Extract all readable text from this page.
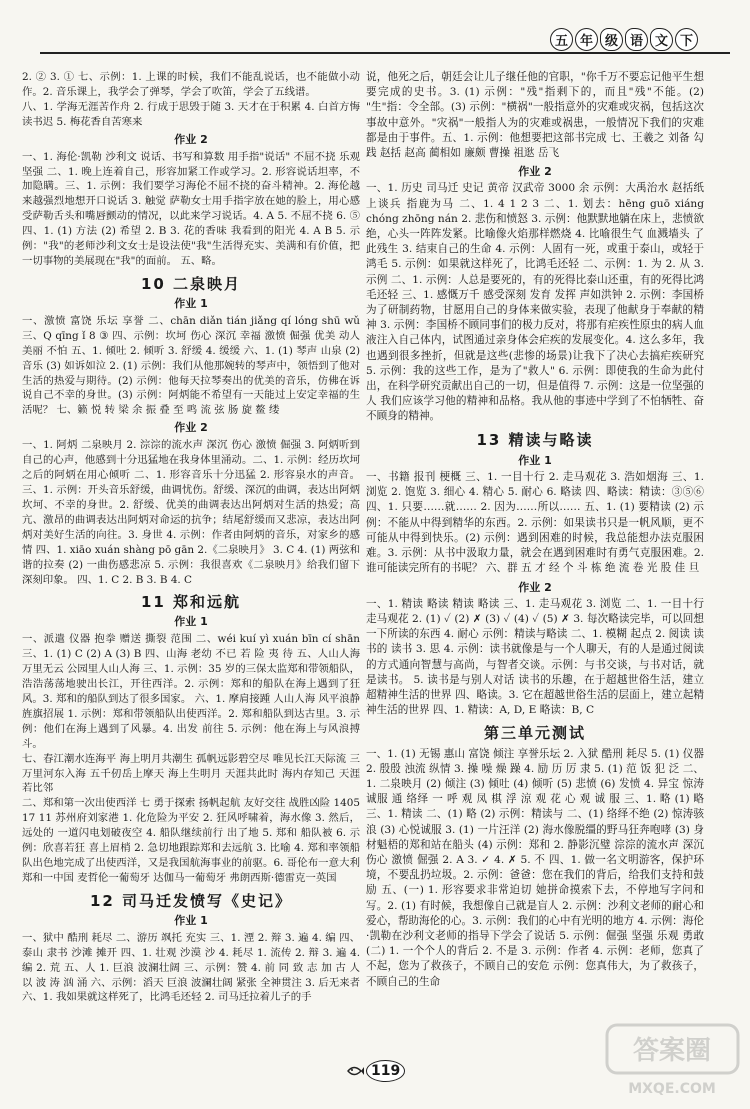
五 年 级 语 文 下

2. ② 3. ① 七、示例：1. 上课的时候，我们不能乱说话，也不能做小动作。2. 音乐课上，我学会了弹琴，学会了吹笛，学会了五线谱。

八、1. 学海无涯苦作舟 2. 行成于思毁于随 3. 天才在于积累 4. 白首方悔读书迟 5. 梅花香自苦寒来

作业 2

一、1. 海伦·凯勒 沙利文 说话、书写和算数 用手指"说话" 不屈不挠 乐观 坚强 二、1. 晚上连着自己，形容加紧工作或学习。2. 形容说话坦率，不加隐瞒。三、1. 示例：我们要学习海伦不屈不挠的奋斗精神。2. 海伦越来越强烈地想开口说话 3. 触觉 萨勒女士用手指字放在她的脸上，用心感受萨勒舌头和嘴唇颤动的情况，以此来学习说话。4. A 5. 不屈不挠 6. ⑤ 四、1. (1) 方法 (2) 希望 2. B 3. 花的香味 我看到的阳光 4. A B 5. 示例："我"的老师沙利文女士是设法使"我"生活得充实、美满和有价值，把一切事物的美展现在"我"的面前。 五、略。

10 二泉映月
作业 1

一、激愤 富饶 乐坛 享誉 二、chān diǎn tián jiǎng qí lóng shū wǔ 三、Q qīng ǐ 8 ③ 四、示例：坎坷 伤心 深沉 幸福 激愤 倔强 优美 动人 美丽 不怕 五、1. 倾吐 2. 倾听 3. 舒缓 4. 缓缓 六、1. (1) 琴声 山泉 (2) 音乐 (3) 如诉如泣 2. (1) 示例：我们从他那婉转的琴声中，领悟到了他对生活的热爱与期待。(2) 示例：他每天拉琴奏出的优美的音乐，仿佛在诉说自己不幸的身世。(3) 示例：阿炳能不希望有一天能过上安定幸福的生活呢？ 七、籁 悦 转 梁 余 振 叠 至 鸣 流 弦 肠 旋 鳌 缕

作业 2

一、1. 阿炳 二泉映月 2. 淙淙的流水声 深沉 伤心 激愤 倔强 3. 阿炳听到自己的心声，他感到十分迅猛地在我身体里涌动。二、1. 示例：经历坎坷之后的阿炳在用心倾听 二、1. 形容音乐十分迅猛 2. 形容泉水的声音。三、1. 示例：开头音乐舒缓，曲调忧伤。舒缓、深沉的曲调，表达出阿炳坎坷、不幸的身世。2. 舒缓、优美的曲调表达出阿炳对生活的热爱；高亢、激昂的曲调表达出阿炳对命运的抗争；结尾舒缓而又悲凉，表达出阿炳对美好生活的向往。3. 身世 4. 示例：作者由阿炳的音乐，对家乡的感情 四、1. xiāo xuán shàng pō gān 2.《二泉映月》 3. C 4. (1) 两弦和谐的拉奏 (2) 一曲伤感悲凉 5. 示例：我很喜欢《二泉映月》给我们留下深刻印象。 四、1. C 2. B 3. B 4. C

11 郑和远航
作业 1

一、派遣 仪器 抱拳 赠送 撕裂 范围 二、wéi kuí yì xuán bīn cí shān 三、1. (1) C (2) A (3) B 四、山海 老幼 不已 若 险 夷 待 五、人山人海 万里无云 公园里人山人海 三、1. 示例：35 岁的三保太监郑和带领船队，浩浩荡荡地驶出长江，开往西洋。2. 示例：郑和的船队在海上遇到了狂风。3. 郑和的船队到达了很多国家。 六、1. 摩肩接踵 人山人海 风平浪静 旌旗招展 1. 示例：郑和带领船队出使西洋。2. 郑和船队到达古里。3. 示例：他们在海上遇到了风暴。4. 出发 前往 5. 示例：他在海上与风浪搏斗。

七、春江潮水连海平 海上明月共潮生 孤帆远影碧空尽 唯见长江天际流 三万里河东入海 五千仞岳上摩天 海上生明月 天涯共此时 海内存知己 天涯若比邻

二、郑和第一次出使西洋 七 勇于探索 扬帆起航 友好交往 战胜凶险 1405 17 11 苏州府刘家港 1. 化危险为平安 2. 狂风呼啸着，海水像 3. 然后，远处的 一道闪电划破夜空 4. 船队继续前行 出了地 5. 郑和 船队被 6. 示例：欣喜若狂 喜上眉梢 2. 急切地跟踪郑和去远航 3. 比喻 4. 郑和率领船队出色地完成了出使西洋，又是我国航海事业的前驱。6. 哥伦布一意大利 郑和一中国 麦哲伦一葡萄牙 达伽马一葡萄牙 弗朗西斯·德雷克一英国

12 司马迁发愤写《史记》
作业 1

一、狱中 酷刑 耗尽 二、游历 飒托 充实 三、1. 湮 2. 辩 3. 遍 4. 编 四、泰山 隶书 沙滩 摊开 四、1. 壮观 沙漠 沙 4. 耗尽 1. 流传 2. 辩 3. 遍 4. 编 2. 荒 五、人 1. 巨浪 波澜壮阔 三、示例：赞 4. 前 同 致 志 加 古 人 以 波 涛 汹 涌 六、示例：滔天 巨浪 波澜壮阔 紧张 全神贯注 3. 后无来者 六、1. 我如果就这样死了，比鸿毛还轻 2. 司马迁拉着儿子的手

说，他死之后，朝廷会让儿子继任他的官职，"你千万不要忘记他平生想要完成的史书。3. (1) 示例："残"指剩下的，而且"残"不能。(2) "生"指：令全部。(3) 示例："横祸"一般指意外的灾难或灾祸，包括这次事故中意外。"灾祸"一般指人为的灾难或祸患，一般情况下我们的灾难都是由于事件。五、1. 示例：他想要把这部书完成 七、王羲之 刘备 勾践 赵括 赵高 蔺相如 廉颇 曹操 祖逖 岳飞

作业 2

一、1. 历史 司马迁 史记 黄帝 汉武帝 3000 余 示例：大禹治水 赵括纸上谈兵 指鹿为马 二、1. 4 1 2 3 二、1. 划去：hēng guō xiáng chóng zhōng nán 2. 悲伤和愤怒 3. 示例：他默默地躺在床上，悲愤欲绝，心头一阵阵发紧。比喻像火焰那样燃烧 4. 比喻很生气 血溅墙头 了此残生 3. 结束自己的生命 4. 示例：人固有一死，或重于泰山，或轻于鸿毛 5. 示例：如果就这样死了，比鸿毛还轻 二、示例：1. 为 2. 从 3. 示例 二、1. 示例：人总是要死的，有的死得比泰山还重，有的死得比鸿毛还轻 三、1. 感慨万千 感受深刻 发育 发挥 声如洪钟 2. 示例：李国桥为了研制药物，甘愿用自己的身体来做实验，表现了他献身于奉献的精神 3. 示例：李国桥不顾同事们的极力反对，将那有疟疾性原虫的病人血液注入自己体内，试图通过亲身体会疟疾的发展变化。4. 这么多年，我也遇到很多挫折，但就是这些(悲惨的场景)让我下了决心去搞疟疾研究 5. 示例：我的这些工作，是为了"救人" 6. 示例：即使我的生命为此付出，在科学研究贡献出自己的一切，但是值得 7. 示例：这是一位坚强的人 我们应该学习他的精神和品格。我从他的事迹中学到了不怕牺牲、奋不顾身的精神。

13 精读与略读
作业 1

一、书籍 报刊 梗概 三、1. 一目十行 2. 走马观花 3. 浩如烟海 三、1. 浏览 2. 饱览 3. 细心 4. 精心 5. 耐心 6. 略读 四、略读：精读：③⑤⑥ 四、1. 只要……就…… 2. 因为……所以…… 五、1. (1) 要精读 (2) 示例：不能从中得到精华的东西。2. 示例：如果读书只是一帆风顺，更不可能从中得到快乐。(2) 示例：遇到困难的时候，我总能想办法克服困难。3. 示例：从书中汲取力量，就会在遇到困难时有勇气克服困难。2. 谁可能读完所有的书呢？ 六、群 五 才 经 个 斗 栋 绝 流 卷 光 股 佳 旦

作业 2

一、1. 精读 略读 精读 略读 三、1. 走马观花 3. 浏览 二、1. 一目十行 走马观花 2. (1) ✓ (2) ✗ (3) ✓ (4) ✓ (5) ✗ 3. 每次略读完毕，可以回想一下所读的东西 4. 耐心 示例：精读与略读 二、1. 模糊 起点 2. 阅读 读书的 读书 3. 思 4. 示例：读书就像是与一个人聊天，有的人是通过阅读的方式通向智慧与高尚，与智者交谈。示例：与书交谈，与书对话，就是读书。 5. 读书是与别人对话 读书的乐趣，在于超越世俗生活，建立超精神生活的世界 四、略读。3. 它在超越世俗生活的层面上，建立起精神生活的世界 四、1. 精读：A, D, E 略读：B, C

第三单元测试

一、1. (1) 无锡 惠山 富饶 倾注 享誉乐坛 2. 入狱 酷刑 耗尽 5. (1) 仪器 2. 殷殷 浊流 纵情 3. 操 噪 燥 躁 4. 励 历 厉 隶 5. (1) 范 饭 犯 泛 二、1. 二泉映月 (2) 倾注 (3) 倾吐 (4) 倾听 (5) 悲愤 (6) 发愤 4. 异宝 惊涛 诚服 通 络绎 一 呼 观 凤 棋 浮 涼 观 花 心 观 诚 服 三、1. 略 (1) 略 三、1. 精读 二、(1) 略 (2) 示例：精读与 二、(1) 络绎不绝 (2) 惊涛骇浪 (3) 心悦诚服 3. (1) 一片汪洋 (2) 海水像脱缰的野马狂奔咆哮 (3) 身材魁梧的郑和站在船头 (4) 示例：郑和 2. 静影沉璧 淙淙的流水声 深沉 伤心 激愤 倔强 2. A 3. ✓ 4. ✗ 5. 不 四、1. 做一名文明游客，保护环境，不要乱扔垃圾。2. 示例：爸爸：您在我们的背后，给我们支持和鼓励 五、(一) 1. 形容要求非常迫切 她拼命摸索下去，不停地写字问和写。2. (1) 有时候，我想像自己就是盲人 2. 示例：沙利文老师的耐心和爱心，帮助海伦的心。3. 示例：我们的心中有光明的地方 4. 示例：海伦·凯勒在沙利文老师的指导下学会了说话 5. 示例：倔强 坚强 乐观 勇敢 (二) 1. 一个个人的背后 2. 不是 3. 示例：作者 4. 示例：老师，您真了不起，您为了救孩子，不顾自己的安危 示例：您真伟大，为了救孩子，不顾自己的生命

119
答案圈
MXQE.COM
